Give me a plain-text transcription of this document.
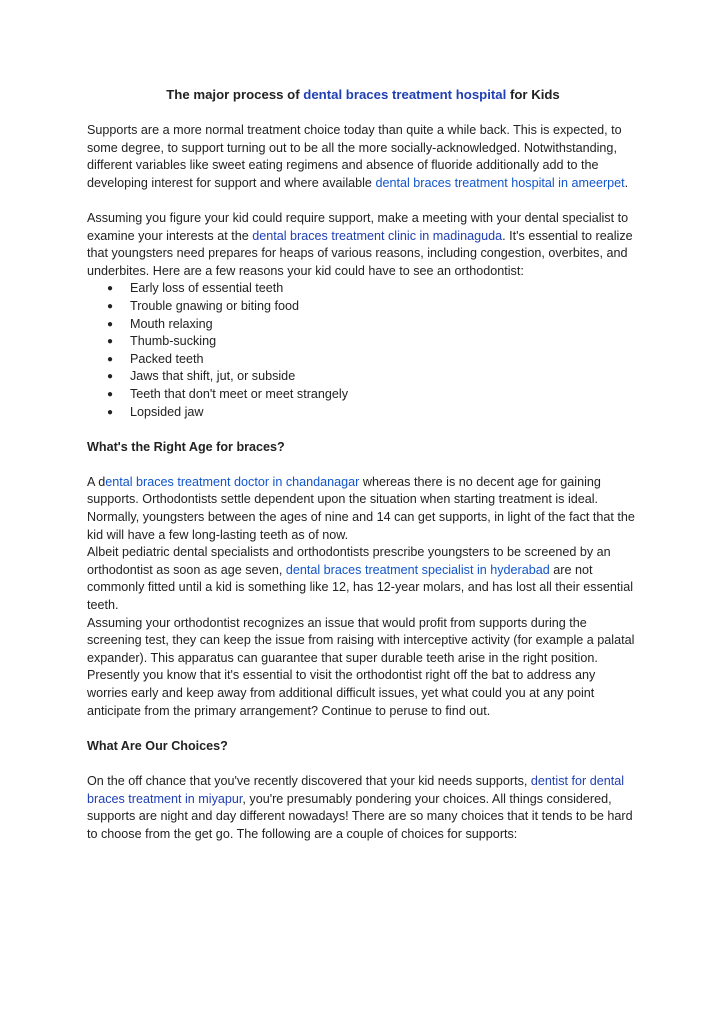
The major process of dental braces treatment hospital for Kids

Supports are a more normal treatment choice today than quite a while back. This is expected, to some degree, to support turning out to be all the more socially-acknowledged. Notwithstanding, different variables like sweet eating regimens and absence of fluoride additionally add to the developing interest for support and where available dental braces treatment hospital in ameerpet.

Assuming you figure your kid could require support, make a meeting with your dental specialist to examine your interests at the dental braces treatment clinic in madinaguda. It's essential to realize that youngsters need prepares for heaps of various reasons, including congestion, overbites, and underbites. Here are a few reasons your kid could have to see an orthodontist:

● Early loss of essential teeth
● Trouble gnawing or biting food
● Mouth relaxing
● Thumb-sucking
● Packed teeth
● Jaws that shift, jut, or subside
● Teeth that don't meet or meet strangely
● Lopsided jaw
What's the Right Age for braces?

A dental braces treatment doctor in chandanagar whereas there is no decent age for gaining supports. Orthodontists settle dependent upon the situation when starting treatment is ideal. Normally, youngsters between the ages of nine and 14 can get supports, in light of the fact that the kid will have a few long-lasting teeth as of now.

Albeit pediatric dental specialists and orthodontists prescribe youngsters to be screened by an orthodontist as soon as age seven, dental braces treatment specialist in hyderabad are not commonly fitted until a kid is something like 12, has 12-year molars, and has lost all their essential teeth.

Assuming your orthodontist recognizes an issue that would profit from supports during the screening test, they can keep the issue from raising with interceptive activity (for example a palatal expander). This apparatus can guarantee that super durable teeth arise in the right position.

Presently you know that it's essential to visit the orthodontist right off the bat to address any worries early and keep away from additional difficult issues, yet what could you at any point anticipate from the primary arrangement? Continue to peruse to find out.

What Are Our Choices?

On the off chance that you've recently discovered that your kid needs supports, dentist for dental braces treatment in miyapur, you're presumably pondering your choices. All things considered, supports are night and day different nowadays! There are so many choices that it tends to be hard to choose from the get go. The following are a couple of choices for supports:
